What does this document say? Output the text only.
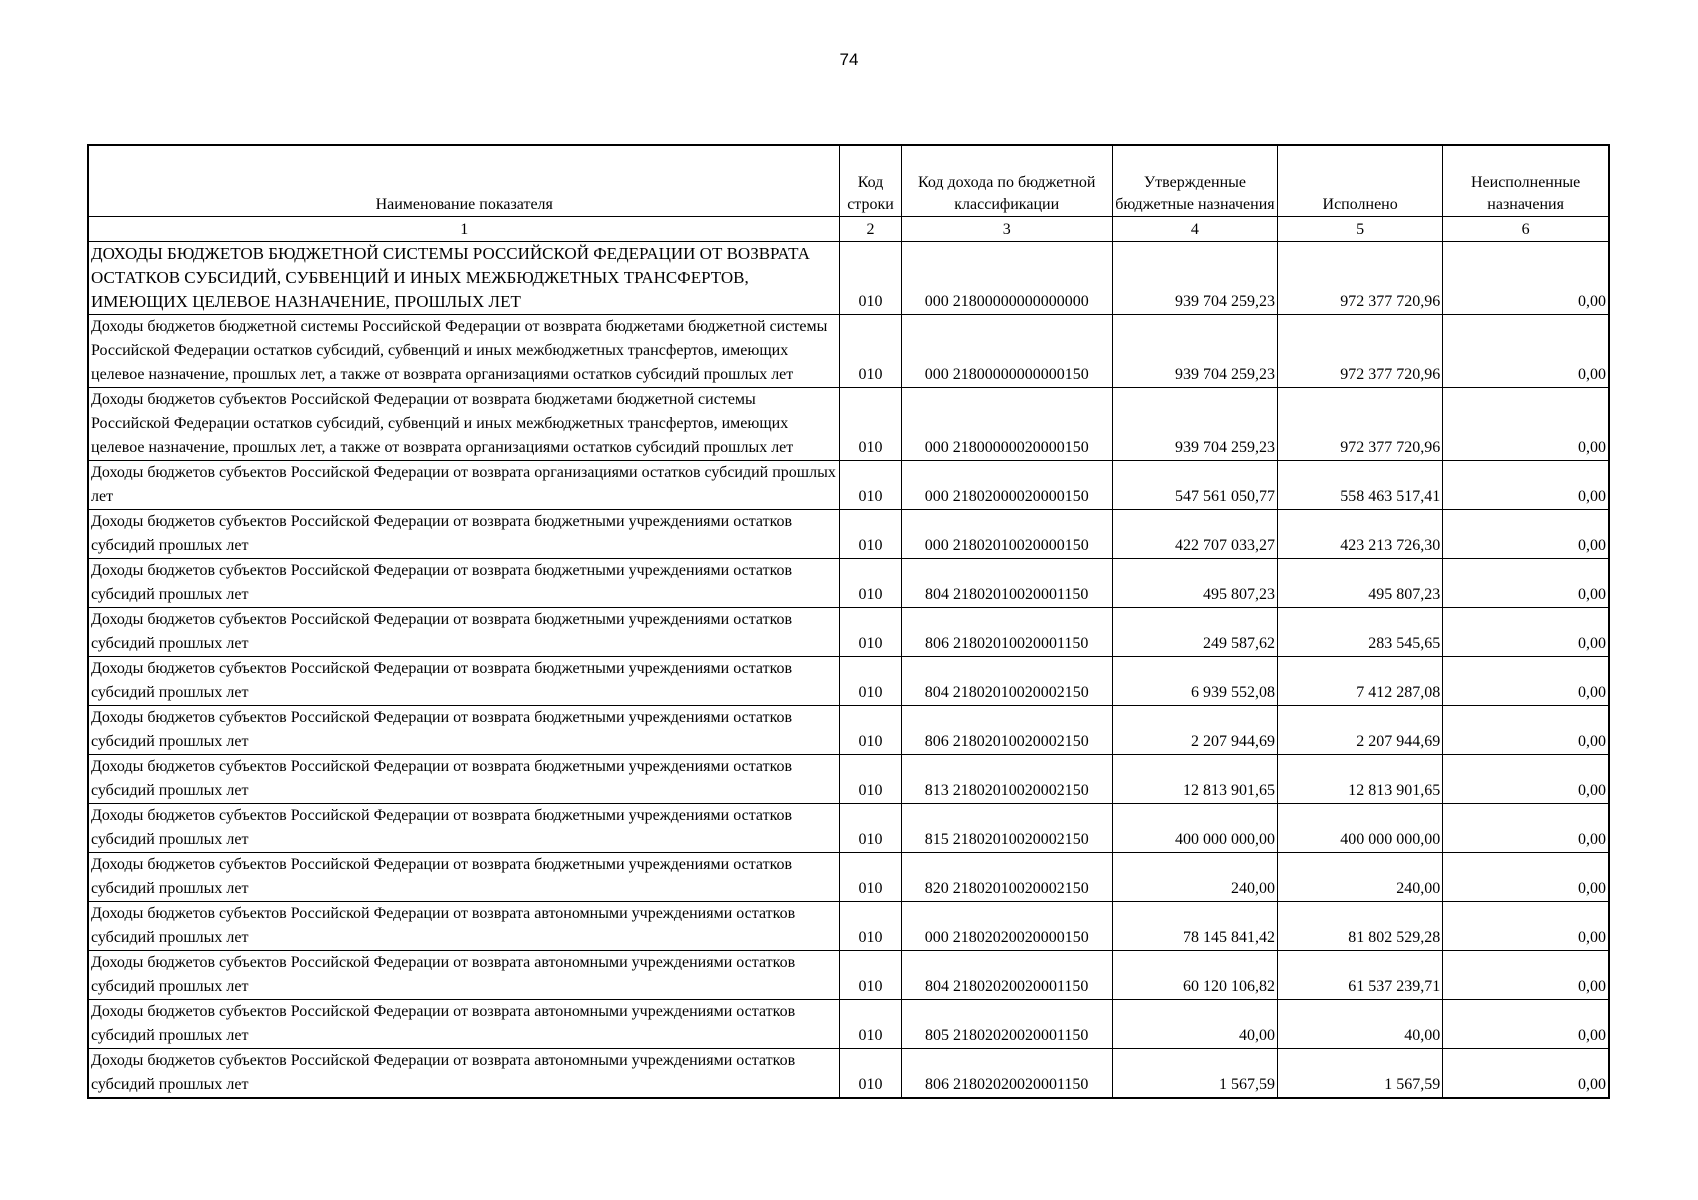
74
Наименование показателя	Код строки	Код дохода по бюджетной классификации	Утвержденные бюджетные назначения	Исполнено	Неисполненные назначения
1	2	3	4	5	6
ДОХОДЫ БЮДЖЕТОВ БЮДЖЕТНОЙ СИСТЕМЫ РОССИЙСКОЙ ФЕДЕРАЦИИ ОТ ВОЗВРАТА ОСТАТКОВ СУБСИДИЙ, СУБВЕНЦИЙ И ИНЫХ МЕЖБЮДЖЕТНЫХ ТРАНСФЕРТОВ, ИМЕЮЩИХ ЦЕЛЕВОЕ НАЗНАЧЕНИЕ, ПРОШЛЫХ ЛЕТ	010	000 21800000000000000	939 704 259,23	972 377 720,96	0,00
Доходы бюджетов бюджетной системы Российской Федерации от возврата бюджетами бюджетной системы Российской Федерации остатков субсидий, субвенций и иных межбюджетных трансфертов, имеющих целевое назначение, прошлых лет, а также от возврата организациями остатков субсидий прошлых лет	010	000 21800000000000150	939 704 259,23	972 377 720,96	0,00
Доходы бюджетов субъектов Российской Федерации от возврата бюджетами бюджетной системы Российской Федерации остатков субсидий, субвенций и иных межбюджетных трансфертов, имеющих целевое назначение, прошлых лет, а также от возврата организациями остатков субсидий прошлых лет	010	000 21800000020000150	939 704 259,23	972 377 720,96	0,00
Доходы бюджетов субъектов Российской Федерации от возврата организациями остатков субсидий прошлых лет	010	000 21802000020000150	547 561 050,77	558 463 517,41	0,00
Доходы бюджетов субъектов Российской Федерации от возврата бюджетными учреждениями остатков субсидий прошлых лет	010	000 21802010020000150	422 707 033,27	423 213 726,30	0,00
Доходы бюджетов субъектов Российской Федерации от возврата бюджетными учреждениями остатков субсидий прошлых лет	010	804 21802010020001150	495 807,23	495 807,23	0,00
Доходы бюджетов субъектов Российской Федерации от возврата бюджетными учреждениями остатков субсидий прошлых лет	010	806 21802010020001150	249 587,62	283 545,65	0,00
Доходы бюджетов субъектов Российской Федерации от возврата бюджетными учреждениями остатков субсидий прошлых лет	010	804 21802010020002150	6 939 552,08	7 412 287,08	0,00
Доходы бюджетов субъектов Российской Федерации от возврата бюджетными учреждениями остатков субсидий прошлых лет	010	806 21802010020002150	2 207 944,69	2 207 944,69	0,00
Доходы бюджетов субъектов Российской Федерации от возврата бюджетными учреждениями остатков субсидий прошлых лет	010	813 21802010020002150	12 813 901,65	12 813 901,65	0,00
Доходы бюджетов субъектов Российской Федерации от возврата бюджетными учреждениями остатков субсидий прошлых лет	010	815 21802010020002150	400 000 000,00	400 000 000,00	0,00
Доходы бюджетов субъектов Российской Федерации от возврата бюджетными учреждениями остатков субсидий прошлых лет	010	820 21802010020002150	240,00	240,00	0,00
Доходы бюджетов субъектов Российской Федерации от возврата автономными учреждениями остатков субсидий прошлых лет	010	000 21802020020000150	78 145 841,42	81 802 529,28	0,00
Доходы бюджетов субъектов Российской Федерации от возврата автономными учреждениями остатков субсидий прошлых лет	010	804 21802020020001150	60 120 106,82	61 537 239,71	0,00
Доходы бюджетов субъектов Российской Федерации от возврата автономными учреждениями остатков субсидий прошлых лет	010	805 21802020020001150	40,00	40,00	0,00
Доходы бюджетов субъектов Российской Федерации от возврата автономными учреждениями остатков субсидий прошлых лет	010	806 21802020020001150	1 567,59	1 567,59	0,00
